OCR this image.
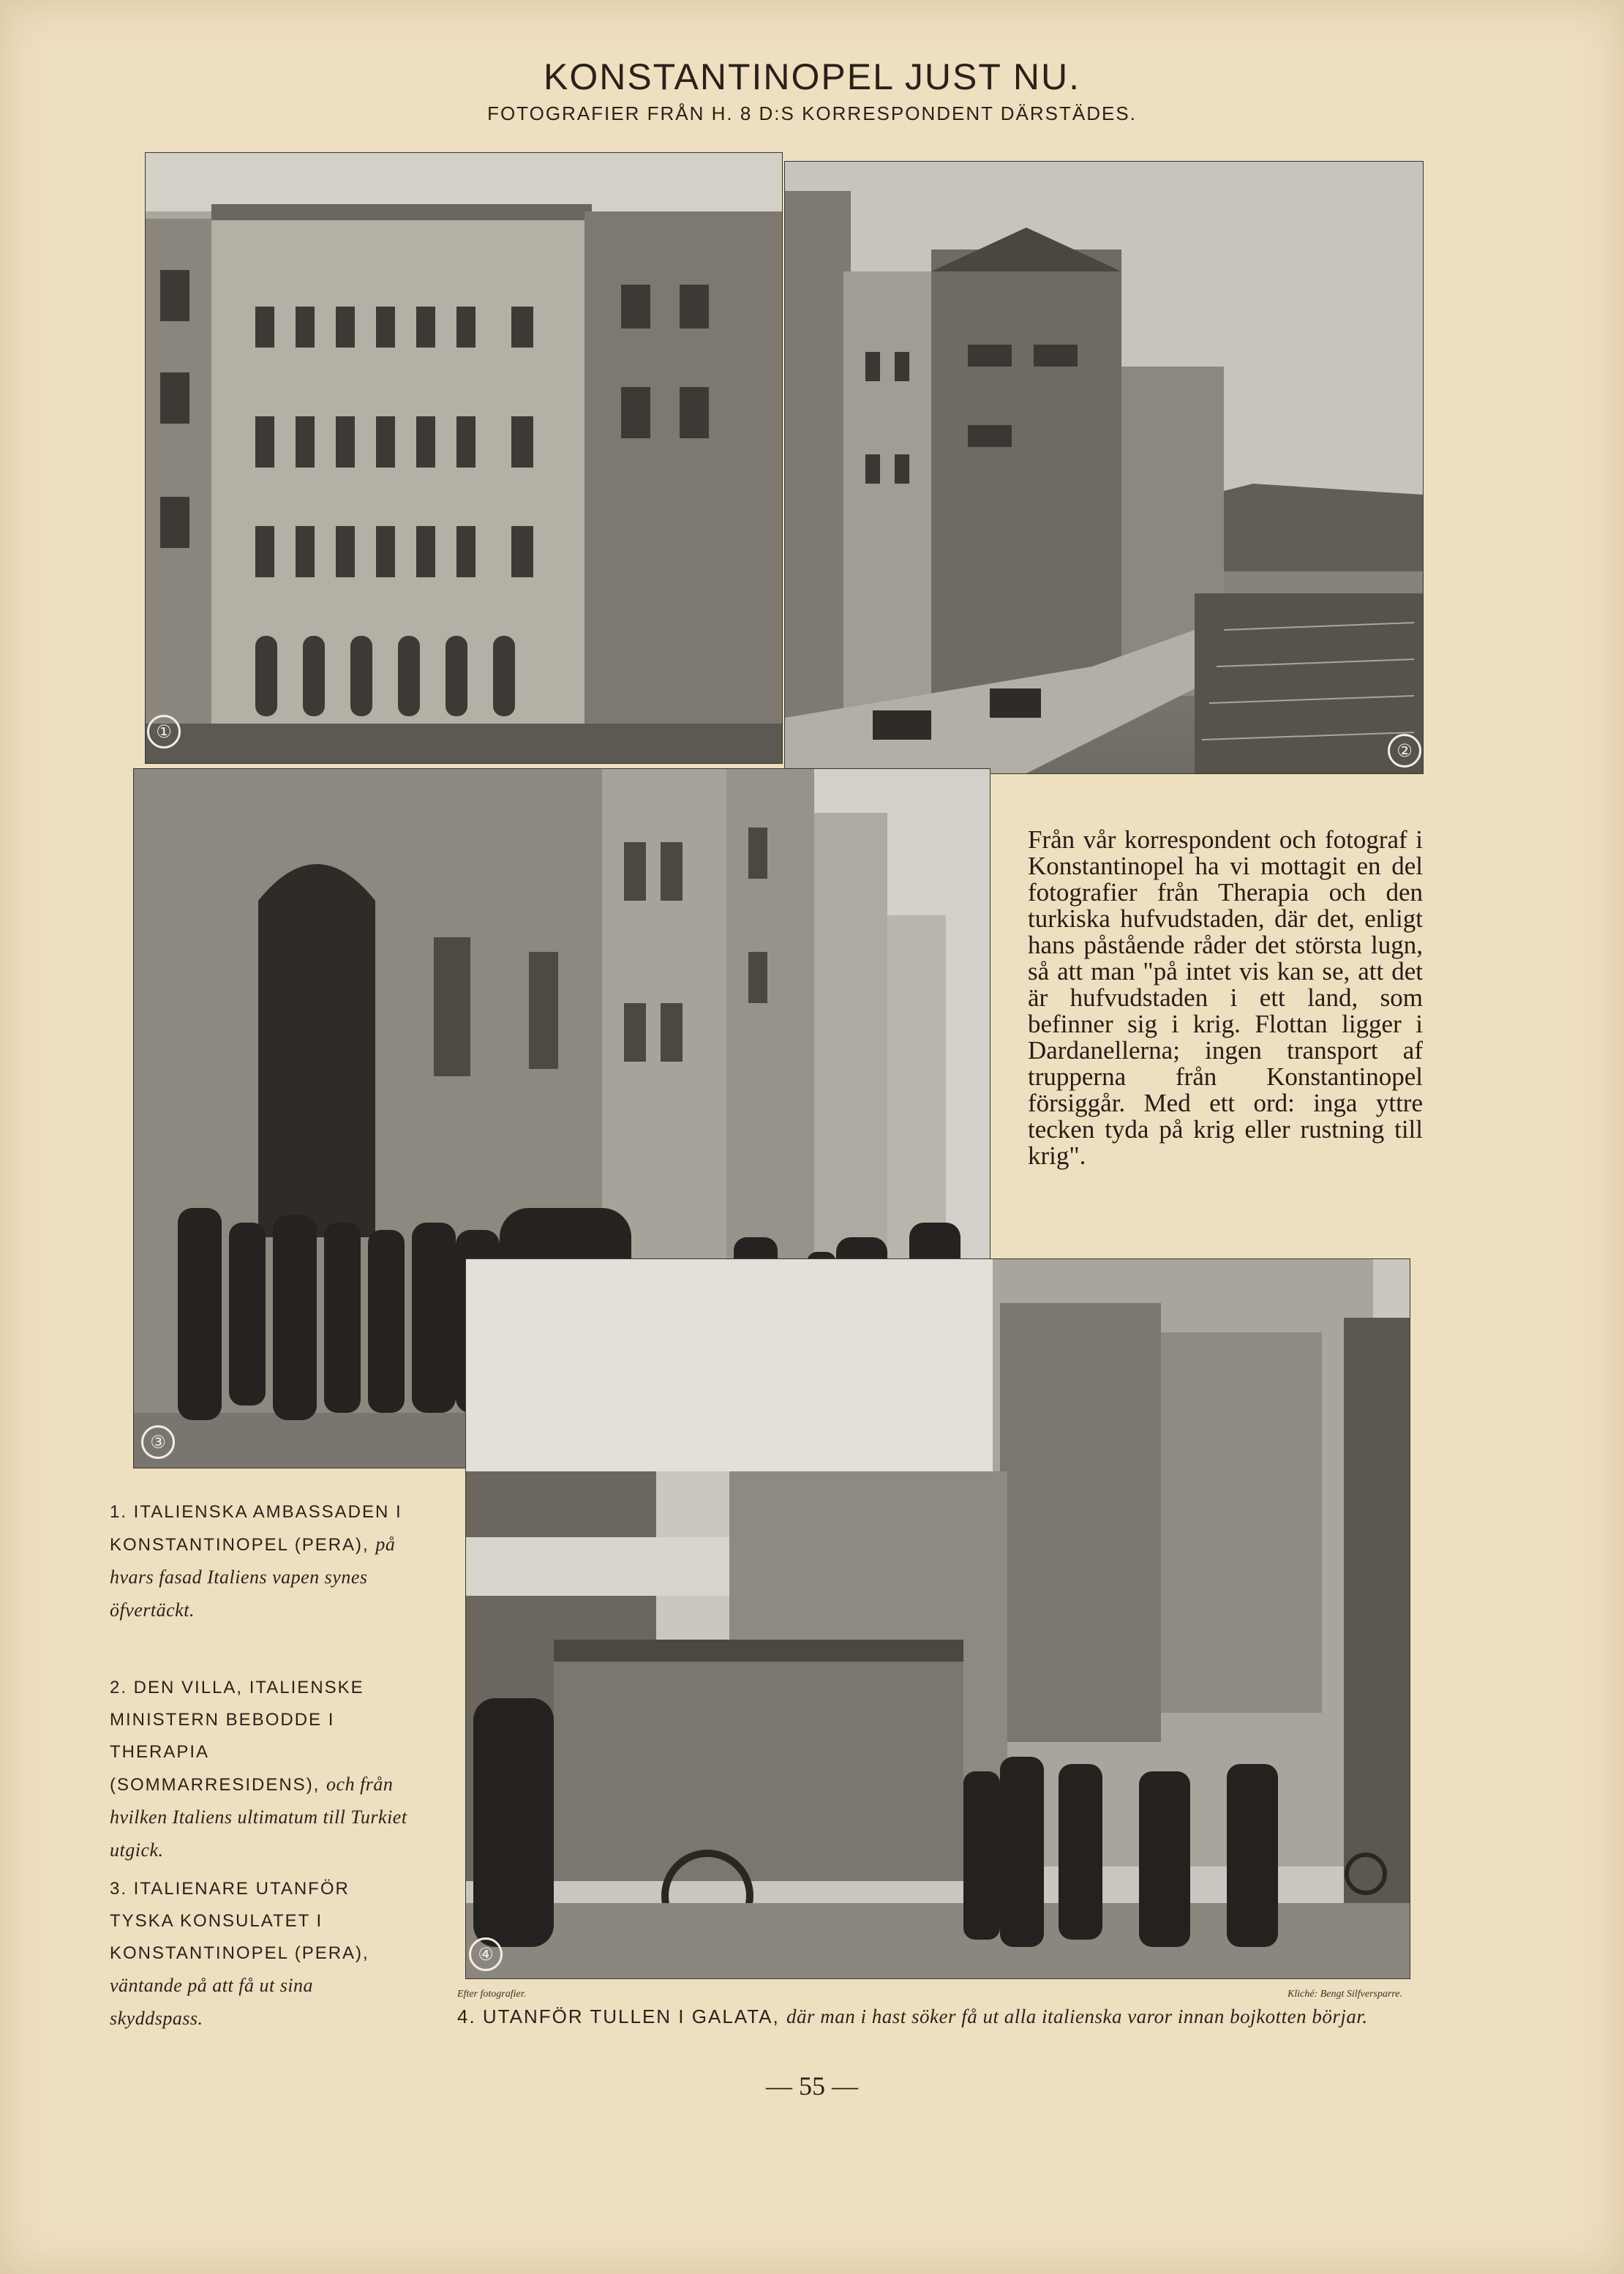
KONSTANTINOPEL JUST NU.
FOTOGRAFIER FRÅN H. 8 D:S KORRESPONDENT DÄRSTÄDES.
①
②
③
④
Från vår korrespondent och fotograf i Konstantinopel ha vi mottagit en del fotografier från Therapia och den turkiska hufvudstaden, där det, enligt hans påstående råder det största lugn, så att man "på intet vis kan se, att det är hufvudstaden i ett land, som befinner sig i krig. Flottan ligger i Dardanellerna; ingen transport af trupperna från Konstantinopel försiggår. Med ett ord: inga yttre tecken tyda på krig eller rustning till krig".
1. ITALIENSKA AMBASSADEN I KONSTANTINOPEL (PERA), på hvars fasad Italiens vapen synes öfvertäckt.
2. DEN VILLA, ITALIENSKE MINISTERN BEBODDE I THERAPIA (SOMMARRESIDENS), och från hvilken Italiens ultimatum till Turkiet utgick.
3. ITALIENARE UTANFÖR TYSKA KONSULATET I KONSTANTINOPEL (PERA), väntande på att få ut sina skyddspass.
Efter fotografier.	Kliché: Bengt Silfversparre.
4. UTANFÖR TULLEN I GALATA, där man i hast söker få ut alla italienska varor innan bojkotten börjar.
— 55 —
